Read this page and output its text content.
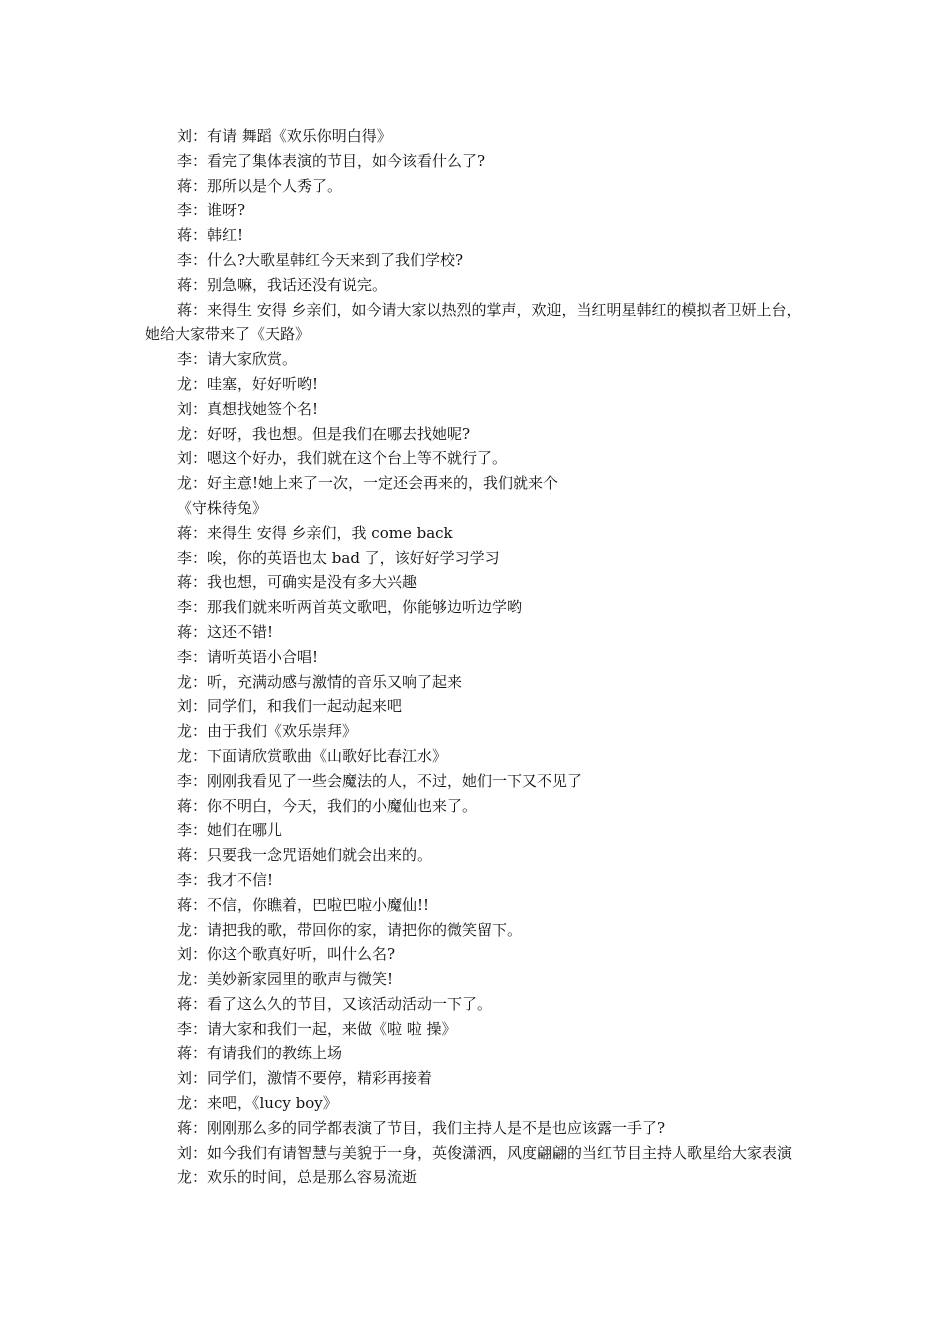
刘：有请 舞蹈《欢乐你明白得》

李：看完了集体表演的节目，如今该看什么了?

蒋：那所以是个人秀了。

李：谁呀?

蒋：韩红!

李：什么?大歌星韩红今天来到了我们学校?

蒋：别急嘛，我话还没有说完。

蒋：来得生 安得 乡亲们，如今请大家以热烈的掌声，欢迎，当红明星韩红的模拟者卫妍上台，她给大家带来了《天路》

李：请大家欣赏。

龙：哇塞，好好听哟!

刘：真想找她签个名!

龙：好呀，我也想。但是我们在哪去找她呢?

刘：嗯这个好办，我们就在这个台上等不就行了。

龙：好主意!她上来了一次，一定还会再来的，我们就来个

《守株待兔》

蒋：来得生 安得 乡亲们，我 come back

李：唉，你的英语也太 bad 了，该好好学习学习

蒋：我也想，可确实是没有多大兴趣

李：那我们就来听两首英文歌吧，你能够边听边学哟

蒋：这还不错!

李：请听英语小合唱!

龙：听，充满动感与激情的音乐又响了起来

刘：同学们，和我们一起动起来吧

龙：由于我们《欢乐崇拜》

龙：下面请欣赏歌曲《山歌好比春江水》

李：刚刚我看见了一些会魔法的人，不过，她们一下又不见了

蒋：你不明白，今天，我们的小魔仙也来了。

李：她们在哪儿

蒋：只要我一念咒语她们就会出来的。

李：我才不信!

蒋：不信，你瞧着，巴啦巴啦小魔仙!!

龙：请把我的歌，带回你的家，请把你的微笑留下。

刘：你这个歌真好听，叫什么名?

龙：美妙新家园里的歌声与微笑!

蒋：看了这么久的节目，又该活动活动一下了。

李：请大家和我们一起，来做《啦 啦 操》

蒋：有请我们的教练上场

刘：同学们，激情不要停，精彩再接着

龙：来吧，《lucy boy》

蒋：刚刚那么多的同学都表演了节目，我们主持人是不是也应该露一手了?

刘：如今我们有请智慧与美貌于一身，英俊潇洒，风度翩翩的当红节目主持人歌星给大家表演

龙：欢乐的时间，总是那么容易流逝
